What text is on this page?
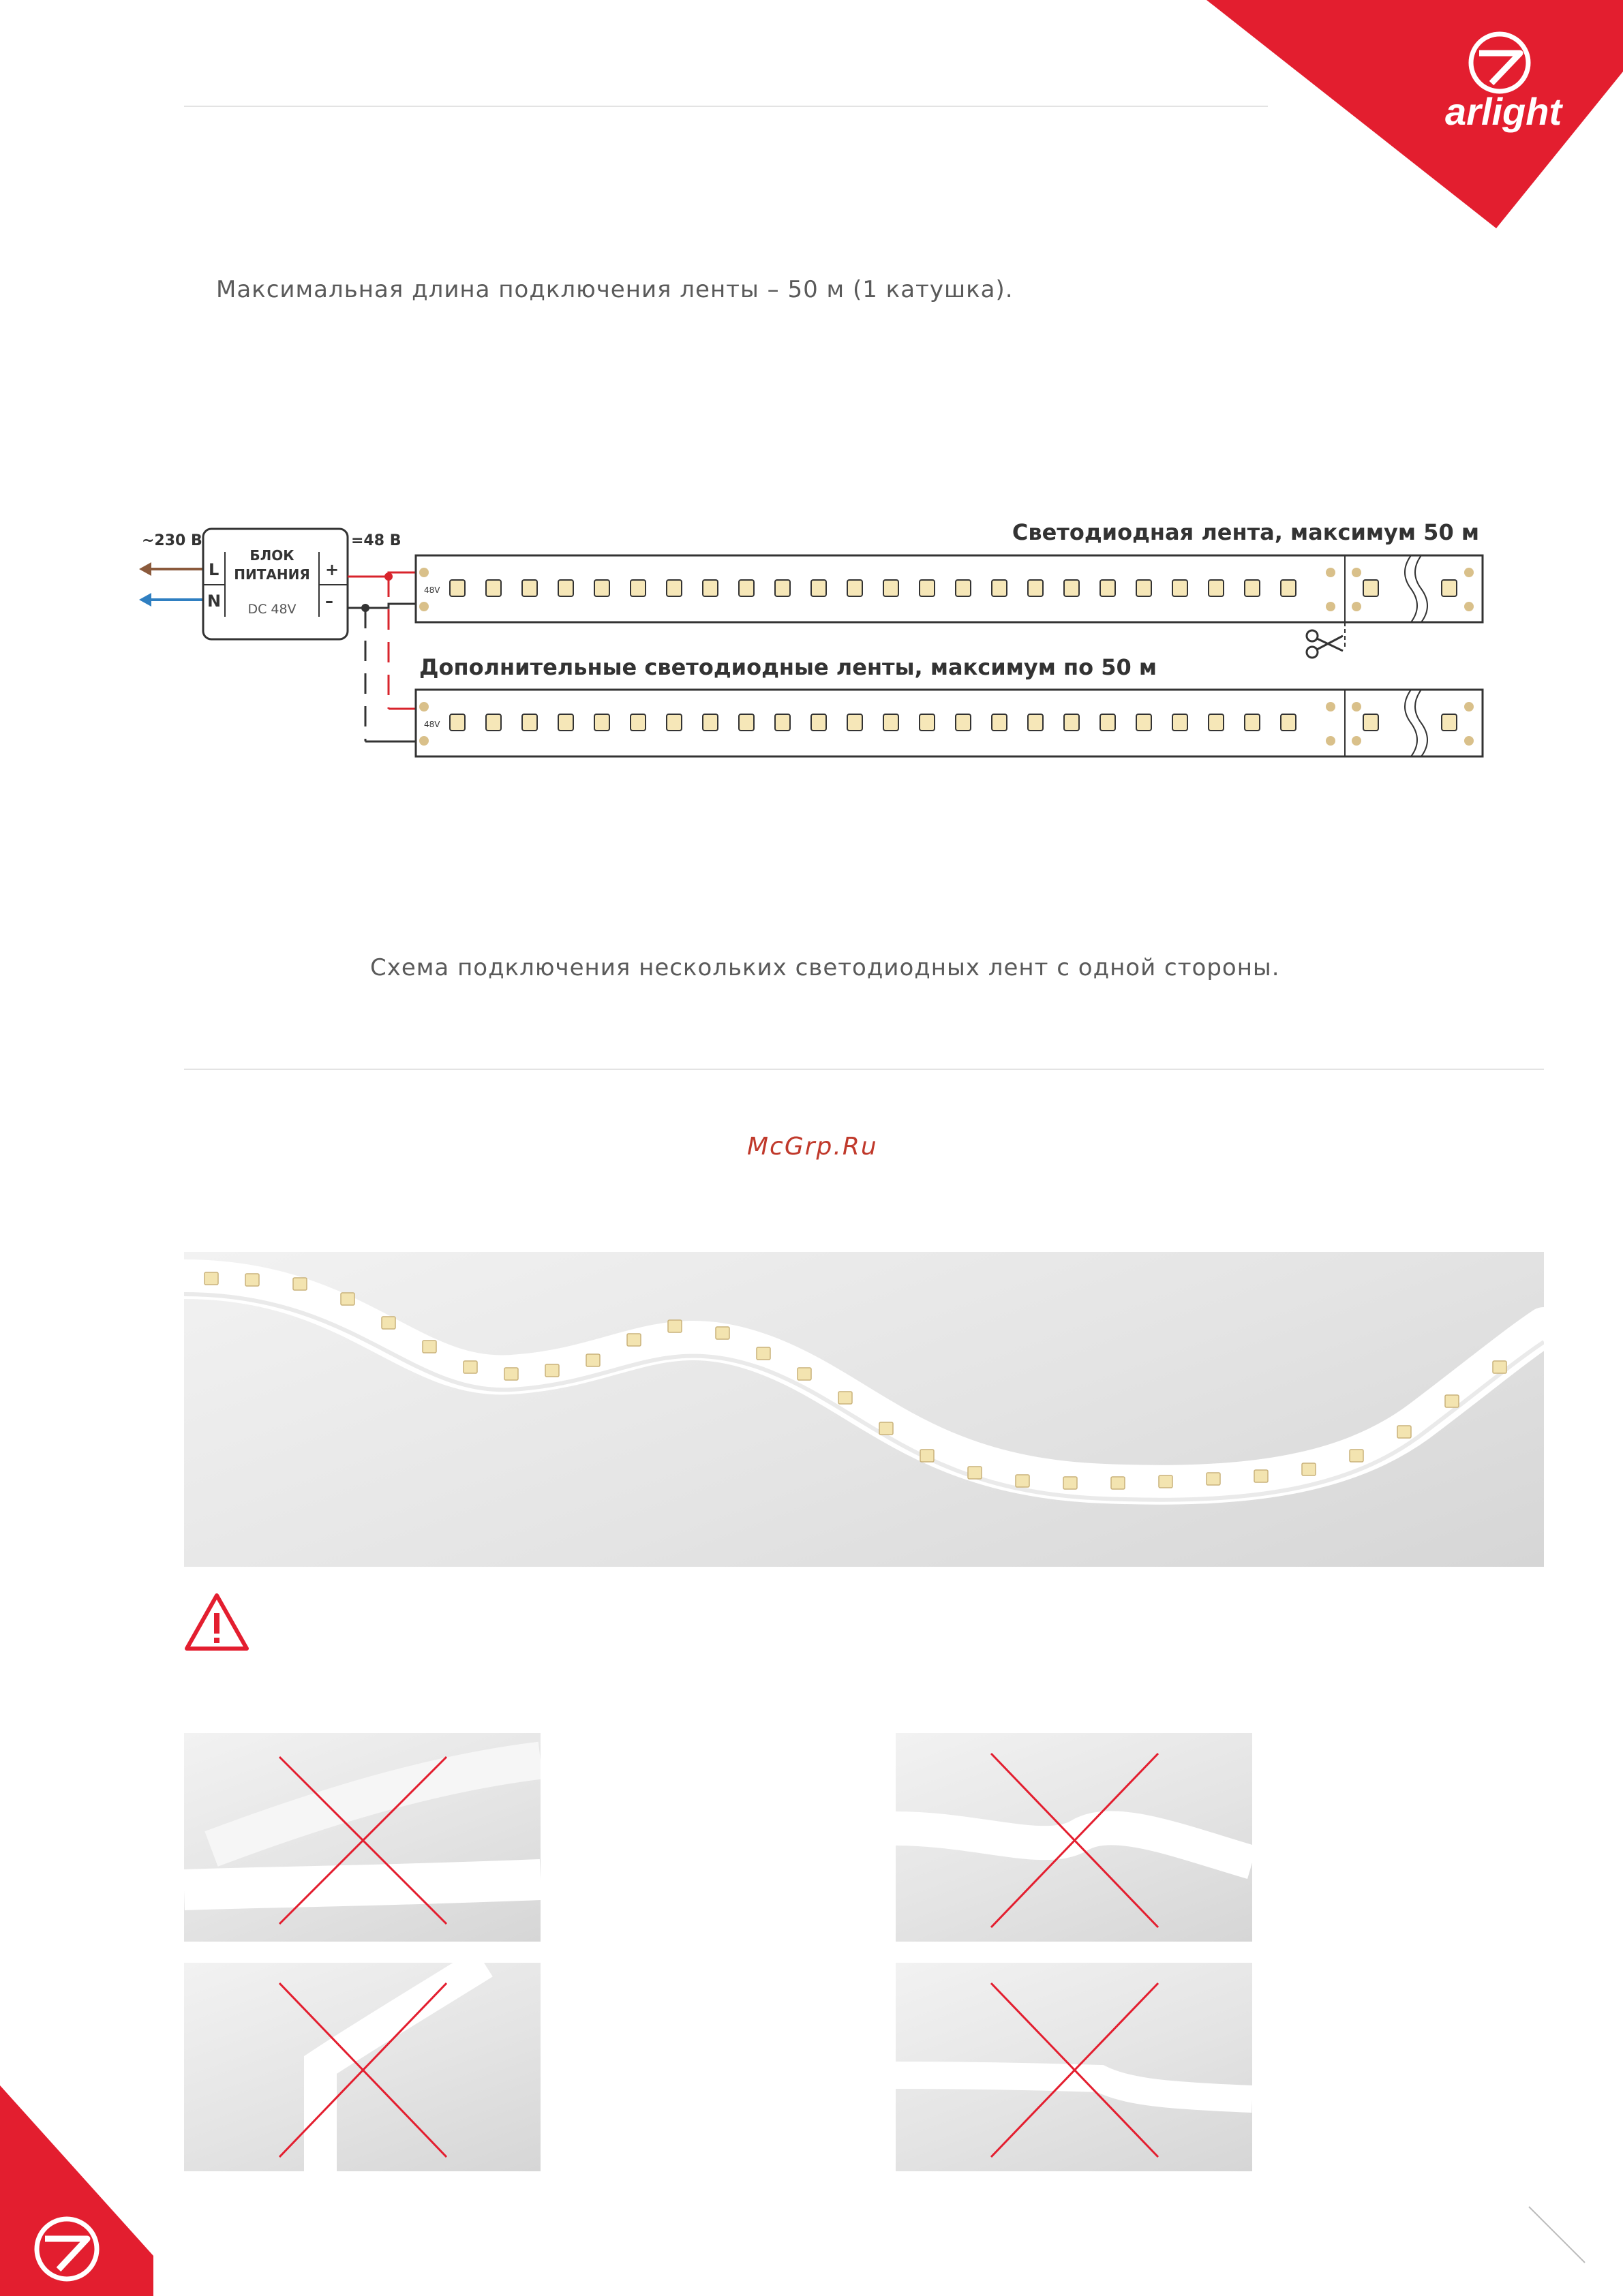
arlight
Максимальная длина подключения ленты – 50 м (1 катушка).
~230 В
L
N
+
–
БЛОК
ПИТАНИЯ
DC 48V
=48 В	Светодиодная лента, максимум 50 м
Дополнительные светодиодные ленты, максимум по 50 м
48V
48V
Схема подключения нескольких светодиодных лент с одной стороны.
McGrp.Ru
